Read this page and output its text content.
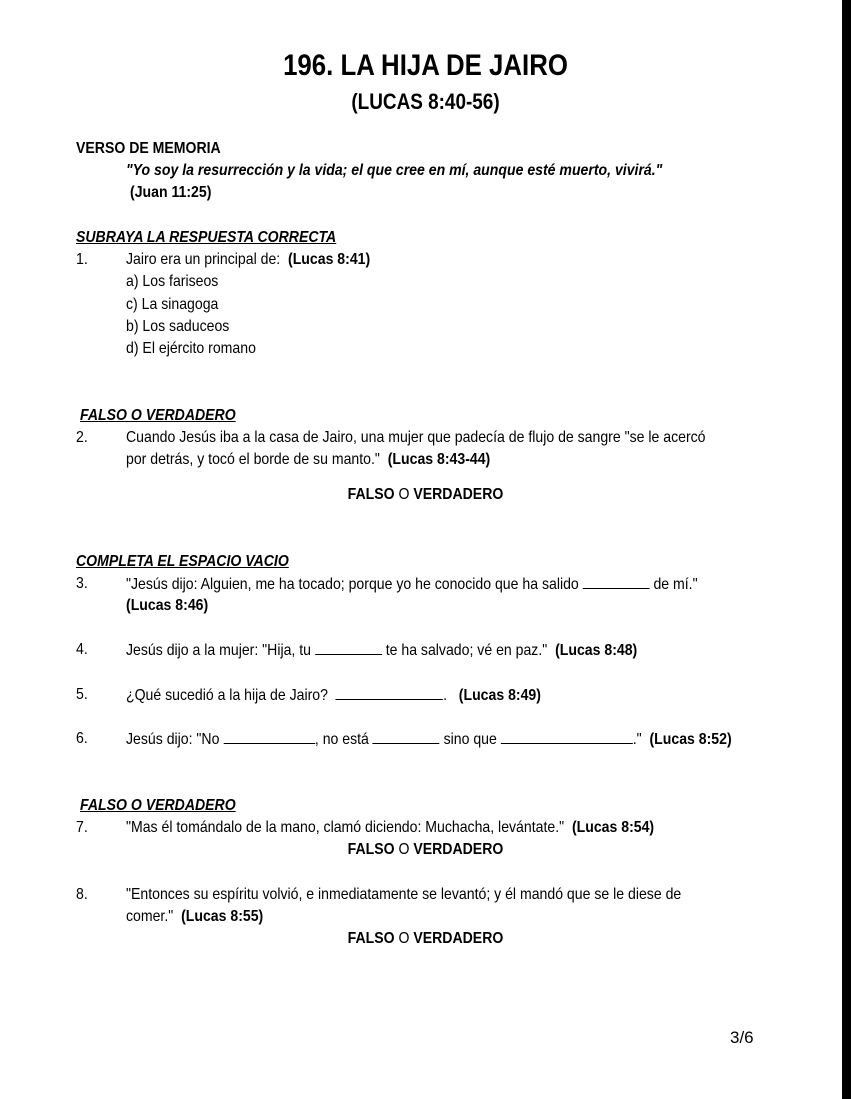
196. LA HIJA DE JAIRO
(LUCAS 8:40-56)

VERSO DE MEMORIA

"Yo soy la resurrección y la vida; el que cree en mí, aunque esté muerto, vivirá."

(Juan 11:25)

SUBRAYA LA RESPUESTA CORRECTA

1. Jairo era un principal de: (Lucas 8:41)

a) Los fariseos

c) La sinagoga

b) Los saduceos

d) El ejército romano

FALSO O VERDADERO

2. Cuando Jesús iba a la casa de Jairo, una mujer que padecía de flujo de sangre "se le acercó

por detrás, y tocó el borde de su manto." (Lucas 8:43-44)

FALSO O VERDADERO

COMPLETA EL ESPACIO VACIO

3. "Jesús dijo: Alguien, me ha tocado; porque yo he conocido que ha salido	de mí."

(Lucas 8:46)

4. Jesús dijo a la mujer: "Hija, tu	te ha salvado; vé en paz." (Lucas 8:48)

5. ¿Qué sucedió a la hija de Jairo?	. (Lucas 8:49)

6. Jesús dijo: "No	, no está	sino que	." (Lucas 8:52)

FALSO O VERDADERO

7. "Mas él tomándalo de la mano, clamó diciendo: Muchacha, levántate." (Lucas 8:54)

FALSO O VERDADERO

8. "Entonces su espíritu volvió, e inmediatamente se levantó; y él mandó que se le diese de

comer." (Lucas 8:55)

FALSO O VERDADERO

3/6
